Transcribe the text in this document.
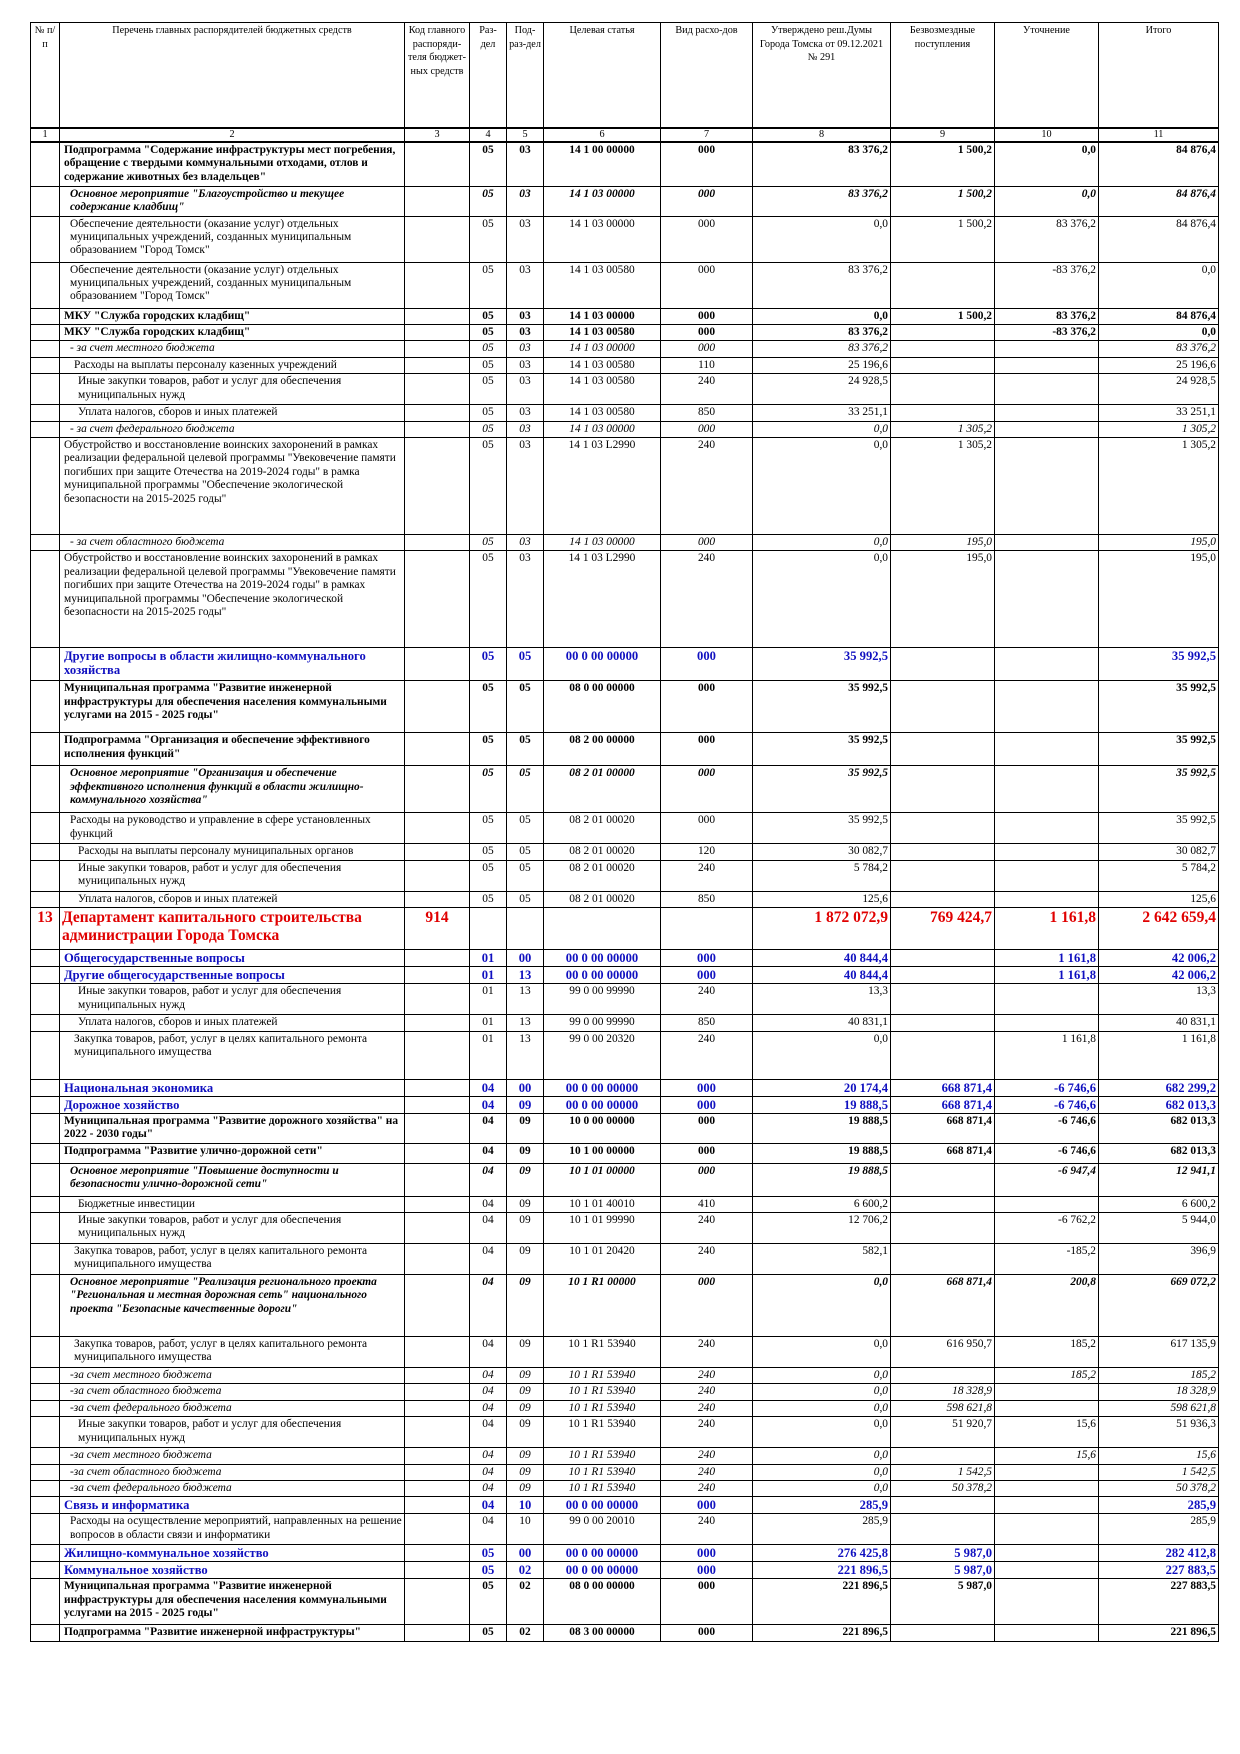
№ п/п	Перечень главных распорядителей бюджетных средств	Код главного распоряди-теля бюджет-ных средств	Раз-дел	Под-раз-дел	Целевая статья	Вид расхо-дов	Утверждено реш.Думы Города Томска от 09.12.2021 № 291	Безвозмездные поступления	Уточнение	Итого
1	2	3	4	5	6	7	8	9	10	11
	Подпрограмма "Содержание инфраструктуры мест погребения, обращение с твердыми коммунальными отходами, отлов и содержание животных без владельцев"		05	03	14 1 00 00000	000	83 376,2	1 500,2	0,0	84 876,4
	Основное мероприятие "Благоустройство и текущее содержание кладбищ"		05	03	14 1 03 00000	000	83 376,2	1 500,2	0,0	84 876,4
	Обеспечение деятельности (оказание услуг) отдельных муниципальных учреждений, созданных муниципальным образованием "Город Томск"		05	03	14 1 03 00000	000	0,0	1 500,2	83 376,2	84 876,4
	Обеспечение деятельности (оказание услуг) отдельных муниципальных учреждений, созданных муниципальным образованием "Город Томск"		05	03	14 1 03 00580	000	83 376,2		-83 376,2	0,0
	МКУ "Служба городских кладбищ"		05	03	14 1 03 00000	000	0,0	1 500,2	83 376,2	84 876,4
	МКУ "Служба городских кладбищ"		05	03	14 1 03 00580	000	83 376,2		-83 376,2	0,0
	- за счет местного бюджета		05	03	14 1 03 00000	000	83 376,2			83 376,2
	Расходы на выплаты персоналу казенных учреждений		05	03	14 1 03 00580	110	25 196,6			25 196,6
	Иные закупки товаров, работ и услуг для обеспечения муниципальных нужд		05	03	14 1 03 00580	240	24 928,5			24 928,5
	Уплата налогов, сборов и иных платежей		05	03	14 1 03 00580	850	33 251,1			33 251,1
	- за счет федерального бюджета		05	03	14 1 03 00000	000	0,0	1 305,2		1 305,2
	Обустройство и восстановление воинских захоронений в рамках реализации федеральной целевой программы "Увековечение памяти погибших при защите Отечества на 2019-2024 годы" в рамка муниципальной программы "Обеспечение экологической безопасности на 2015-2025 годы"		05	03	14 1 03 L2990	240	0,0	1 305,2		1 305,2
	- за счет областного бюджета		05	03	14 1 03 00000	000	0,0	195,0		195,0
	Обустройство и восстановление воинских захоронений в рамках реализации федеральной целевой программы "Увековечение памяти погибших при защите Отечества на 2019-2024 годы" в рамках муниципальной программы "Обеспечение экологической безопасности на 2015-2025 годы"		05	03	14 1 03 L2990	240	0,0	195,0		195,0
	Другие вопросы в области жилищно-коммунального хозяйства		05	05	00 0 00 00000	000	35 992,5			35 992,5
	Муниципальная программа "Развитие инженерной инфраструктуры для обеспечения населения коммунальными услугами на 2015 - 2025 годы"		05	05	08 0 00 00000	000	35 992,5			35 992,5
	Подпрограмма "Организация и обеспечение эффективного исполнения функций"		05	05	08 2 00 00000	000	35 992,5			35 992,5
	Основное мероприятие "Организация и обеспечение эффективного исполнения функций в области жилищно-коммунального хозяйства"		05	05	08 2 01 00000	000	35 992,5			35 992,5
	Расходы на руководство и управление в сфере установленных функций		05	05	08 2 01 00020	000	35 992,5			35 992,5
	Расходы на выплаты персоналу муниципальных органов		05	05	08 2 01 00020	120	30 082,7			30 082,7
	Иные закупки товаров, работ и услуг для обеспечения муниципальных нужд		05	05	08 2 01 00020	240	5 784,2			5 784,2
	Уплата налогов, сборов и иных платежей		05	05	08 2 01 00020	850	125,6			125,6
13	Департамент капитального строительства администрации Города Томска	914					1 872 072,9	769 424,7	1 161,8	2 642 659,4
	Общегосударственные вопросы		01	00	00 0 00 00000	000	40 844,4		1 161,8	42 006,2
	Другие общегосударственные вопросы		01	13	00 0 00 00000	000	40 844,4		1 161,8	42 006,2
	Иные закупки товаров, работ и услуг для обеспечения муниципальных нужд		01	13	99 0 00 99990	240	13,3			13,3
	Уплата налогов, сборов и иных платежей		01	13	99 0 00 99990	850	40 831,1			40 831,1
	Закупка товаров, работ, услуг в целях капитального ремонта муниципального имущества		01	13	99 0 00 20320	240	0,0		1 161,8	1 161,8
	Национальная экономика		04	00	00 0 00 00000	000	20 174,4	668 871,4	-6 746,6	682 299,2
	Дорожное хозяйство		04	09	00 0 00 00000	000	19 888,5	668 871,4	-6 746,6	682 013,3
	Муниципальная программа "Развитие дорожного хозяйства" на 2022 - 2030 годы"		04	09	10 0 00 00000	000	19 888,5	668 871,4	-6 746,6	682 013,3
	Подпрограмма "Развитие улично-дорожной сети"		04	09	10 1 00 00000	000	19 888,5	668 871,4	-6 746,6	682 013,3
	Основное мероприятие "Повышение доступности и безопасности улично-дорожной сети"		04	09	10 1 01 00000	000	19 888,5		-6 947,4	12 941,1
	Бюджетные инвестиции		04	09	10 1 01 40010	410	6 600,2			6 600,2
	Иные закупки товаров, работ и услуг для обеспечения муниципальных нужд		04	09	10 1 01 99990	240	12 706,2		-6 762,2	5 944,0
	Закупка товаров, работ, услуг в целях капитального ремонта муниципального имущества		04	09	10 1 01 20420	240	582,1		-185,2	396,9
	Основное мероприятие "Реализация регионального проекта "Региональная и местная дорожная сеть" национального проекта "Безопасные качественные дороги"		04	09	10 1 R1 00000	000	0,0	668 871,4	200,8	669 072,2
	Закупка товаров, работ, услуг в целях капитального ремонта муниципального имущества		04	09	10 1 R1 53940	240	0,0	616 950,7	185,2	617 135,9
	-за счет местного бюджета		04	09	10 1 R1 53940	240	0,0		185,2	185,2
	-за счет областного бюджета		04	09	10 1 R1 53940	240	0,0	18 328,9		18 328,9
	-за счет федерального бюджета		04	09	10 1 R1 53940	240	0,0	598 621,8		598 621,8
	Иные закупки товаров, работ и услуг для обеспечения муниципальных нужд		04	09	10 1 R1 53940	240	0,0	51 920,7	15,6	51 936,3
	-за счет местного бюджета		04	09	10 1 R1 53940	240	0,0		15,6	15,6
	-за счет областного бюджета		04	09	10 1 R1 53940	240	0,0	1 542,5		1 542,5
	-за счет федерального бюджета		04	09	10 1 R1 53940	240	0,0	50 378,2		50 378,2
	Связь и информатика		04	10	00 0 00 00000	000	285,9			285,9
	Расходы на осуществление мероприятий, направленных на решение вопросов в области связи и информатики		04	10	99 0 00 20010	240	285,9			285,9
	Жилищно-коммунальное хозяйство		05	00	00 0 00 00000	000	276 425,8	5 987,0		282 412,8
	Коммунальное хозяйство		05	02	00 0 00 00000	000	221 896,5	5 987,0		227 883,5
	Муниципальная программа "Развитие инженерной инфраструктуры для обеспечения населения коммунальными услугами на 2015 - 2025 годы"		05	02	08 0 00 00000	000	221 896,5	5 987,0		227 883,5
	Подпрограмма "Развитие инженерной инфраструктуры"		05	02	08 3 00 00000	000	221 896,5			221 896,5
